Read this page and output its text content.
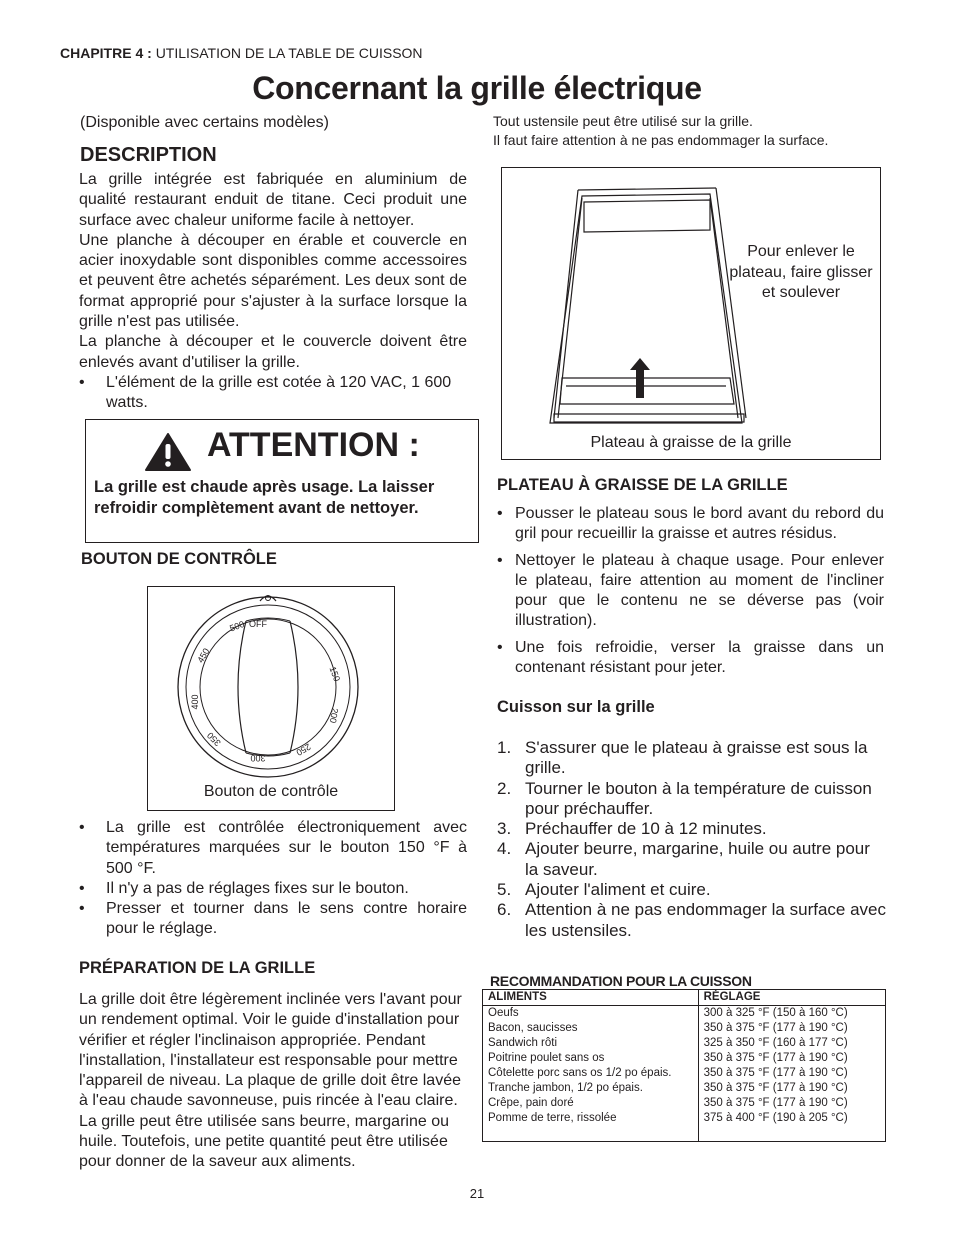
CHAPITRE 4 : UTILISATION DE LA TABLE DE CUISSON
Concernant la grille électrique
(Disponible avec certains modèles)
DESCRIPTION
La grille intégrée est fabriquée en aluminium de qualité restaurant enduit de titane. Ceci produit une surface avec chaleur uniforme facile à nettoyer.
Une planche à découper en érable et couvercle en acier inoxydable sont disponibles comme accessoires et peuvent être achetés séparément. Les deux sont de format approprié pour s'ajuster à la surface lorsque la grille n'est pas utilisée.
La planche à découper et le couvercle doivent être enlevés avant d'utiliser la grille.
• L'élément de la grille est cotée à 120 VAC, 1 600 watts.
ATTENTION :
La grille est chaude après usage. La laisser refroidir complètement avant de nettoyer.
BOUTON DE CONTRÔLE
OFF
500
450
400
350
300
250
200
150
Bouton de contrôle
• La grille est contrôlée électroniquement avec températures marquées sur le bouton 150 °F à 500 °F.
• Il n'y a pas de réglages fixes sur le bouton.
• Presser et tourner dans le sens contre horaire pour le réglage.
PRÉPARATION DE LA GRILLE
La grille doit être légèrement inclinée vers l'avant pour un rendement optimal. Voir le guide d'installation pour vérifier et régler l'inclinaison appropriée. Pendant l'installation, l'installateur est responsable pour mettre l'appareil de niveau. La plaque de grille doit être lavée à l'eau chaude savonneuse, puis rincée à l'eau claire. La grille peut être utilisée sans beurre, margarine ou huile. Toutefois, une petite quantité peut être utilisée pour donner de la saveur aux aliments.
Tout ustensile peut être utilisé sur la grille.
Il faut faire attention à ne pas endommager la surface.
Pour enlever le plateau, faire glisser et soulever
Plateau à graisse de la grille
PLATEAU À GRAISSE DE LA GRILLE
• Pousser le plateau sous le bord avant du rebord du gril pour recueillir la graisse et autres résidus.
• Nettoyer le plateau à chaque usage. Pour enlever le plateau, faire attention au moment de l'incliner pour que le contenu ne se déverse pas (voir illustration).
• Une fois refroidie, verser la graisse dans un contenant résistant pour jeter.
Cuisson sur la grille
1. S'assurer que le plateau à graisse est sous la grille.
2. Tourner le bouton à la température de cuisson pour préchauffer.
3. Préchauffer de 10 à 12 minutes.
4. Ajouter beurre, margarine, huile ou autre pour la saveur.
5. Ajouter l'aliment et cuire.
6. Attention à ne pas endommager la surface avec les ustensiles.
RECOMMANDATION POUR LA CUISSON
ALIMENTS	RÉGLAGE
Oeufs	300 à 325 °F (150 à 160 °C)
Bacon, saucisses	350 à 375 °F (177 à 190 °C)
Sandwich rôti	325 à 350 °F (160 à 177 °C)
Poitrine poulet sans os	350 à 375 °F (177 à 190 °C)
Côtelette porc sans os 1/2 po épais.	350 à 375 °F (177 à 190 °C)
Tranche jambon, 1/2 po épais.	350 à 375 °F (177 à 190 °C)
Crêpe, pain doré	350 à 375 °F (177 à 190 °C)
Pomme de terre, rissolée	375 à 400 °F (190 à 205 °C)
21
